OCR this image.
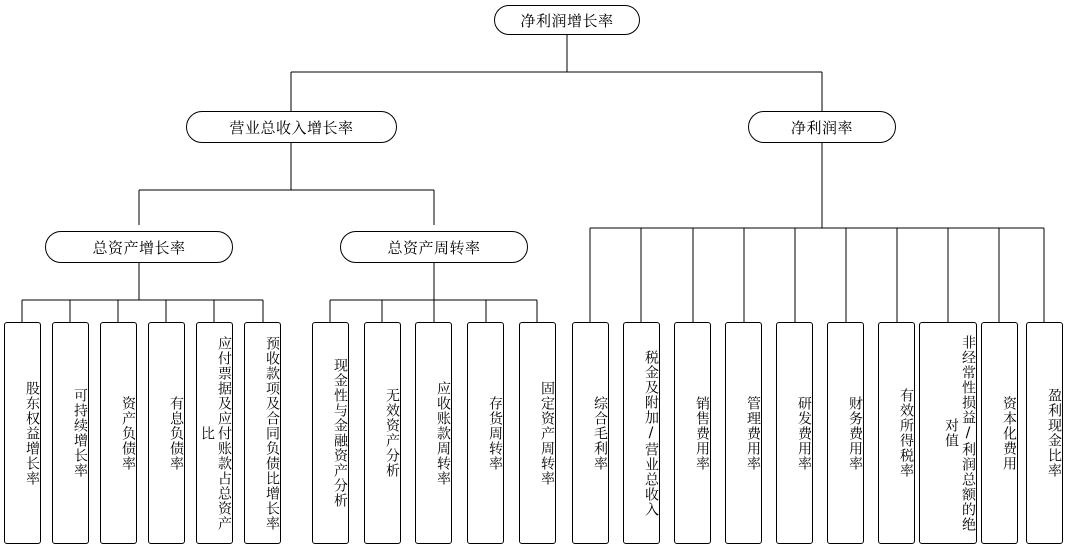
净利润增长率
营业总收入增长率	净利润率
总资产增长率	总资产周转率
股东权益增长率 可持续增长率 资产负债率 有息负债率	应付票据及应付账款占总资产比	预收款项及合同负债比增长率	现金性与金融资产分析	无效资产分析	应收账款周转率	存货周转率	固定资产周转率	综合毛利率	税金及附加/营业总收入	销售费用率	管理费用率	研发费用率	财务费用率	有效所得税率	非经常性损益/利润总额的绝对值	资本化费用 盈利现金比率
